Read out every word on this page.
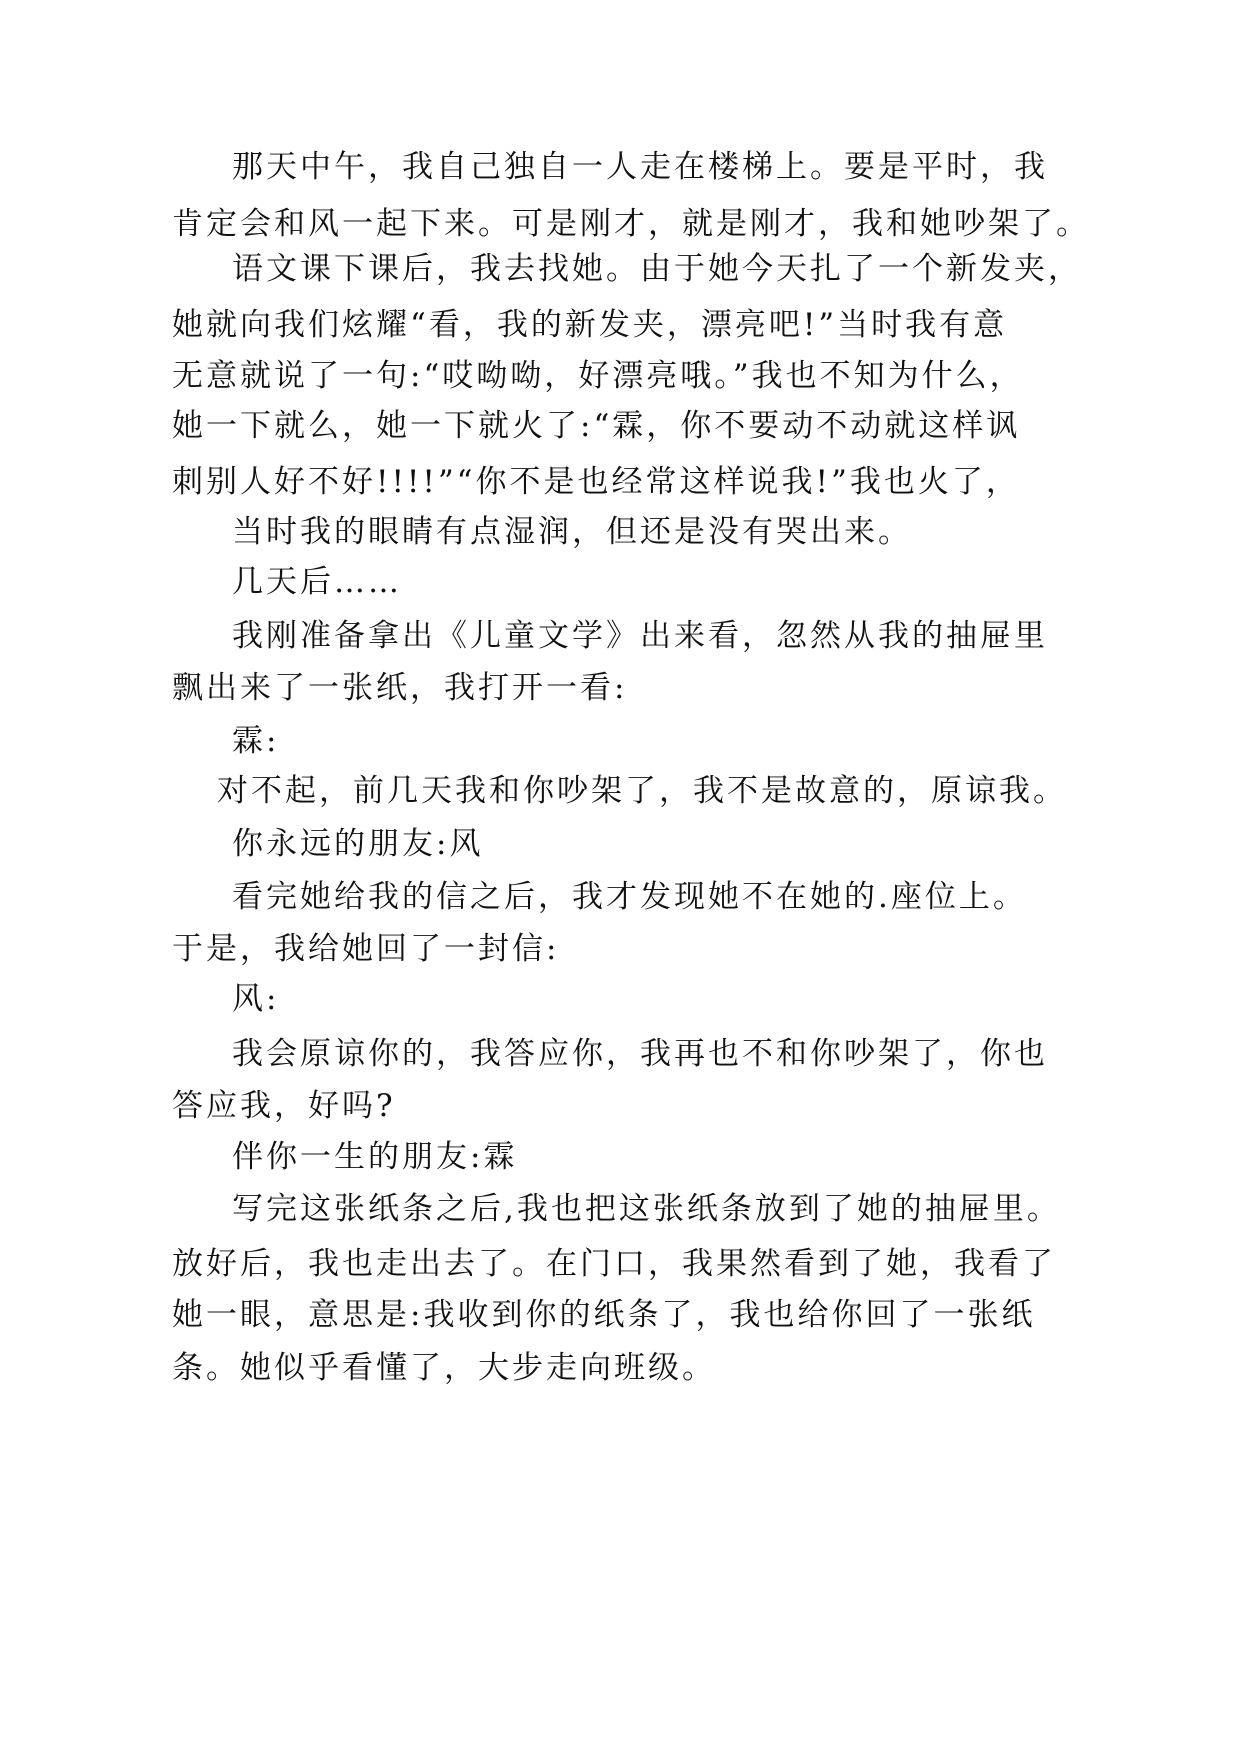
那天中午，我自己独自一人走在楼梯上。要是平时，我
肯定会和风一起下来。可是刚才，就是刚才，我和她吵架了。
语文课下课后，我去找她。由于她今天扎了一个新发夹，
她就向我们炫耀“看，我的新发夹，漂亮吧!”当时我有意
无意就说了一句:“哎呦呦，好漂亮哦。”我也不知为什么，
她一下就么，她一下就火了:“霖，你不要动不动就这样讽
刺别人好不好!!!!”“你不是也经常这样说我!”我也火了，
当时我的眼睛有点湿润，但还是没有哭出来。
几天后……
我刚准备拿出《儿童文学》出来看，忽然从我的抽屉里
飘出来了一张纸，我打开一看:
霖:
对不起，前几天我和你吵架了，我不是故意的，原谅我。
你永远的朋友:风
看完她给我的信之后，我才发现她不在她的.座位上。
于是，我给她回了一封信:
风:
我会原谅你的，我答应你，我再也不和你吵架了，你也
答应我，好吗?
伴你一生的朋友:霖
写完这张纸条之后,我也把这张纸条放到了她的抽屉里。
放好后，我也走出去了。在门口，我果然看到了她，我看了
她一眼，意思是:我收到你的纸条了，我也给你回了一张纸
条。她似乎看懂了，大步走向班级。
